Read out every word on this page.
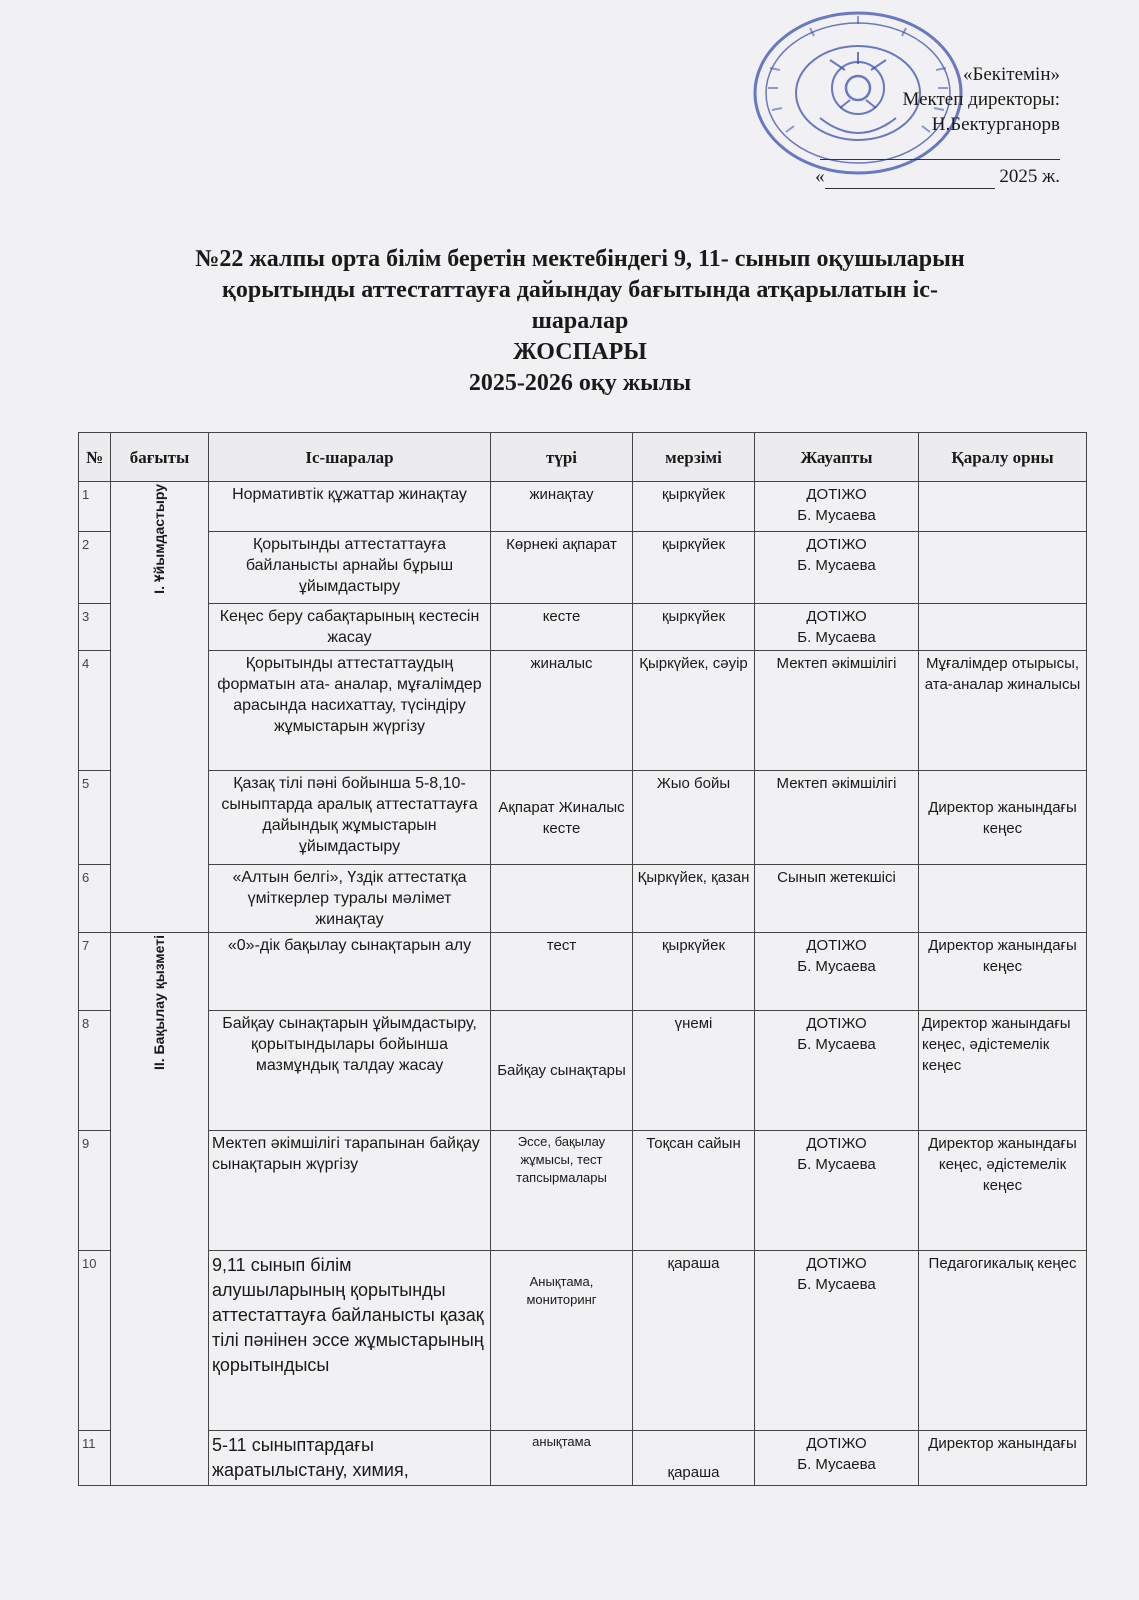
«Бекітемін»
Мектеп директоры:
Н.Бектурганорв
«	2025 ж.
№22 жалпы орта білім беретін мектебіндегі 9, 11- сынып оқушыларын
қорытынды аттестаттауға дайындау бағытында атқарылатын іс-
шаралар
ЖОСПАРЫ
2025-2026 оқу жылы
№	бағыты	Іс-шаралар	түрі	мерзімі	Жауапты	Қаралу орны
1	I. Ұйымдастыру	Нормативтік құжаттар жинақтау	жинақтау	қыркүйек	ДОТІЖО
Б. Мусаева	
2		Қорытынды аттестаттауға байланысты арнайы бұрыш ұйымдастыру	Көрнекі ақпарат	қыркүйек	ДОТІЖО
Б. Мусаева	
3		Кеңес беру сабақтарының кестесін жасау	кесте	қыркүйек	ДОТІЖО
Б. Мусаева	
4		Қорытынды аттестаттаудың форматын ата- аналар, мұғалімдер арасында насихаттау, түсіндіру жұмыстарын жүргізу	жиналыс	Қыркүйек, сәуір	Мектеп әкімшілігі	Мұғалімдер отырысы, ата-аналар жиналысы
5		Қазақ тілі пәні бойынша 5-8,10-сыныптарда аралық аттестаттауға дайындық жұмыстарын ұйымдастыру	Ақпарат Жиналыс кесте	Жыо бойы	Мектеп әкімшілігі	Директор жанындағы кеңес
6		«Алтын белгі», Үздік аттестатқа үміткерлер туралы мәлімет жинақтау		Қыркүйек, қазан	Сынып жетекшісі	
7	II. Бақылау қызметі	«0»-дік бақылау сынақтарын алу	тест	қыркүйек	ДОТІЖО
Б. Мусаева	Директор жанындағы кеңес
8		Байқау сынақтарын ұйымдастыру, қорытындылары бойынша мазмұндық талдау жасау	Байқау сынақтары	үнемі	ДОТІЖО
Б. Мусаева	Директор жанындағы кеңес, әдістемелік кеңес
9		Мектеп әкімшілігі тарапынан байқау сынақтарын жүргізу	Эссе, бақылау жұмысы, тест тапсырмалары	Тоқсан сайын	ДОТІЖО
Б. Мусаева	Директор жанындағы кеңес, әдістемелік кеңес
10		9,11 сынып білім алушыларының қорытынды аттестаттауға байланысты қазақ тілі пәнінен эссе жұмыстарының қорытындысы	Анықтама, мониторинг	қараша	ДОТІЖО
Б. Мусаева	Педагогикалық кеңес
11		5-11 сыныптардағы жаратылыстану, химия,	анықтама	қараша	ДОТІЖО
Б. Мусаева	Директор жанындағы
